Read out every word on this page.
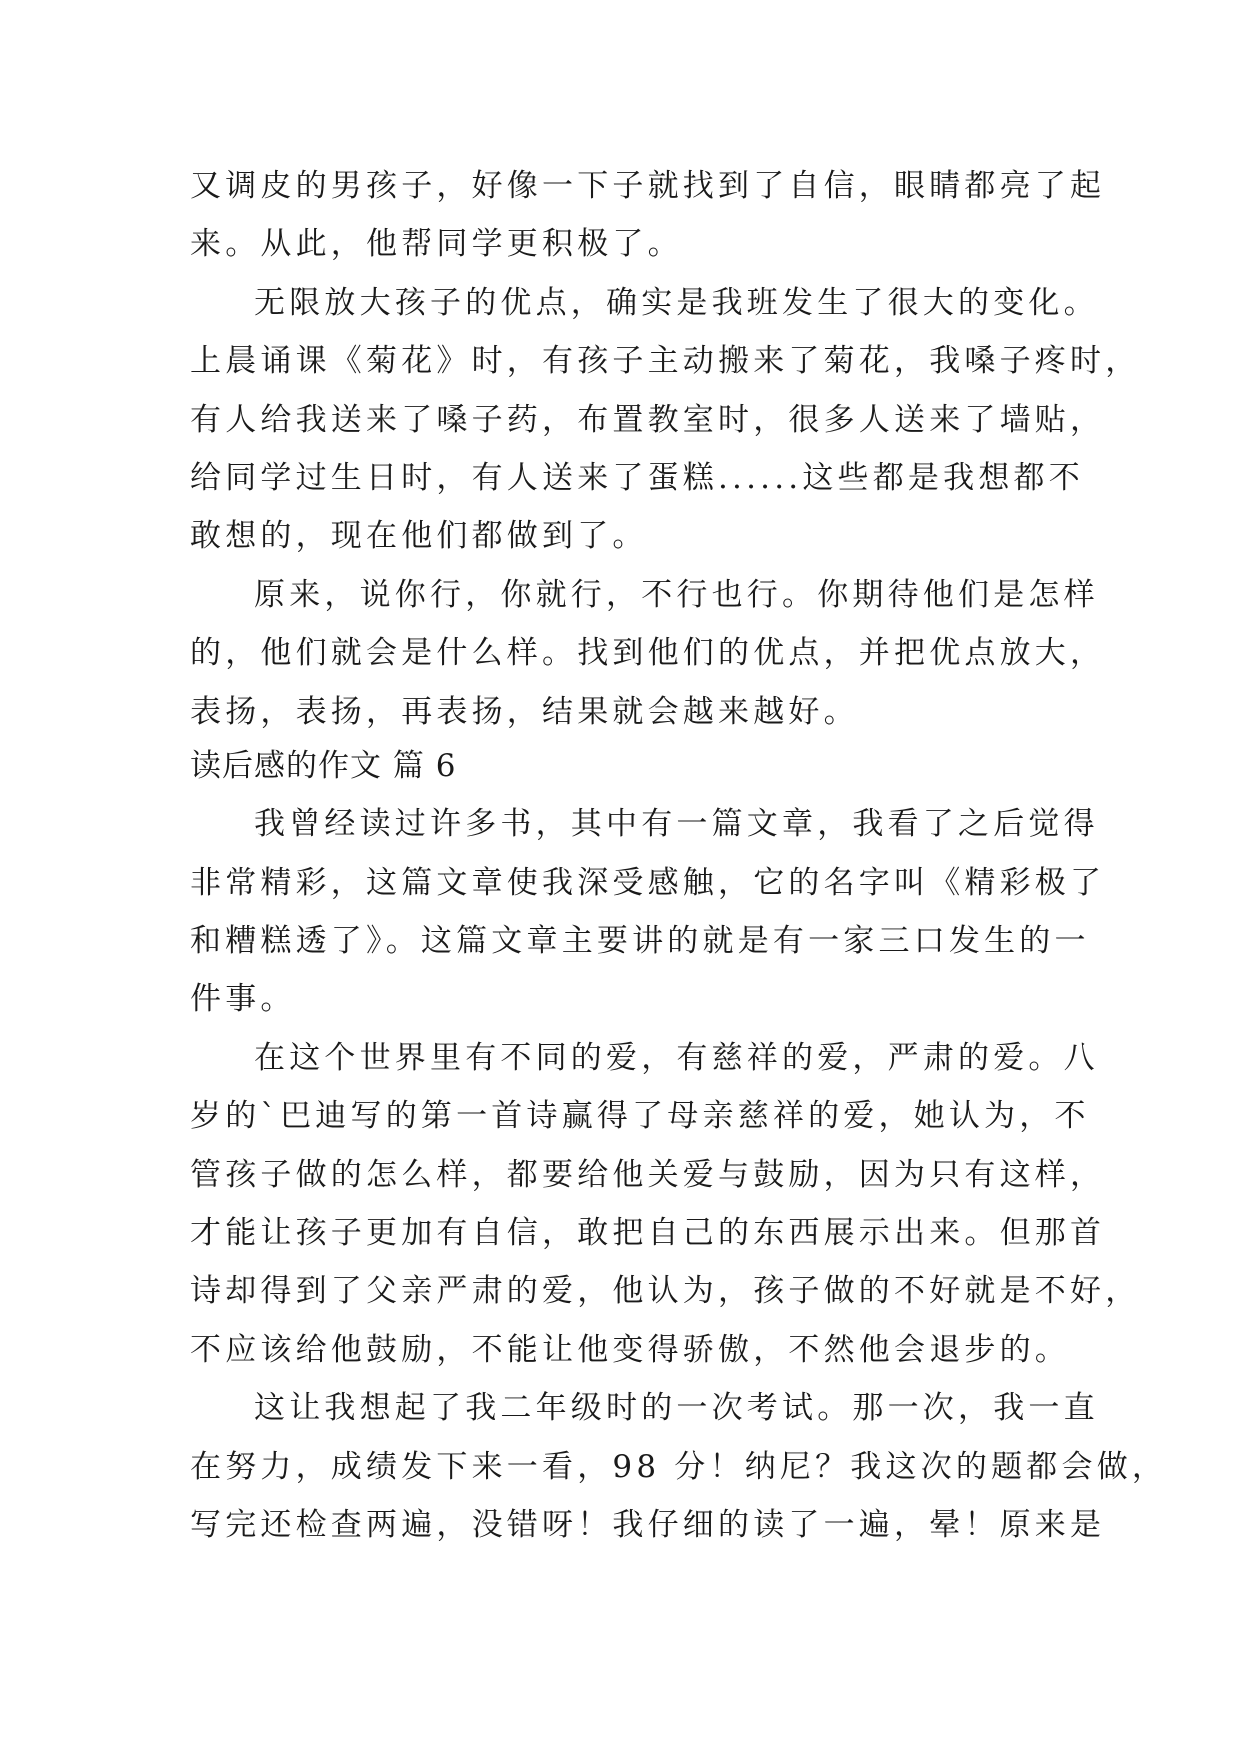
又调皮的男孩子，好像一下子就找到了自信，眼睛都亮了起
来。从此，他帮同学更积极了。
无限放大孩子的优点，确实是我班发生了很大的变化。
上晨诵课《菊花》时，有孩子主动搬来了菊花，我嗓子疼时，
有人给我送来了嗓子药，布置教室时，很多人送来了墙贴，
给同学过生日时，有人送来了蛋糕......这些都是我想都不
敢想的，现在他们都做到了。
原来，说你行，你就行，不行也行。你期待他们是怎样
的，他们就会是什么样。找到他们的优点，并把优点放大，
表扬，表扬，再表扬，结果就会越来越好。
读后感的作文 篇 6
我曾经读过许多书，其中有一篇文章，我看了之后觉得
非常精彩，这篇文章使我深受感触，它的名字叫《精彩极了
和糟糕透了》。这篇文章主要讲的就是有一家三口发生的一
件事。
在这个世界里有不同的爱，有慈祥的爱，严肃的爱。八
岁的`巴迪写的第一首诗赢得了母亲慈祥的爱，她认为，不
管孩子做的怎么样，都要给他关爱与鼓励，因为只有这样，
才能让孩子更加有自信，敢把自己的东西展示出来。但那首
诗却得到了父亲严肃的爱，他认为，孩子做的不好就是不好，
不应该给他鼓励，不能让他变得骄傲，不然他会退步的。
这让我想起了我二年级时的一次考试。那一次，我一直
在努力，成绩发下来一看，98 分！纳尼？我这次的题都会做，
写完还检查两遍，没错呀！我仔细的读了一遍，晕！原来是
